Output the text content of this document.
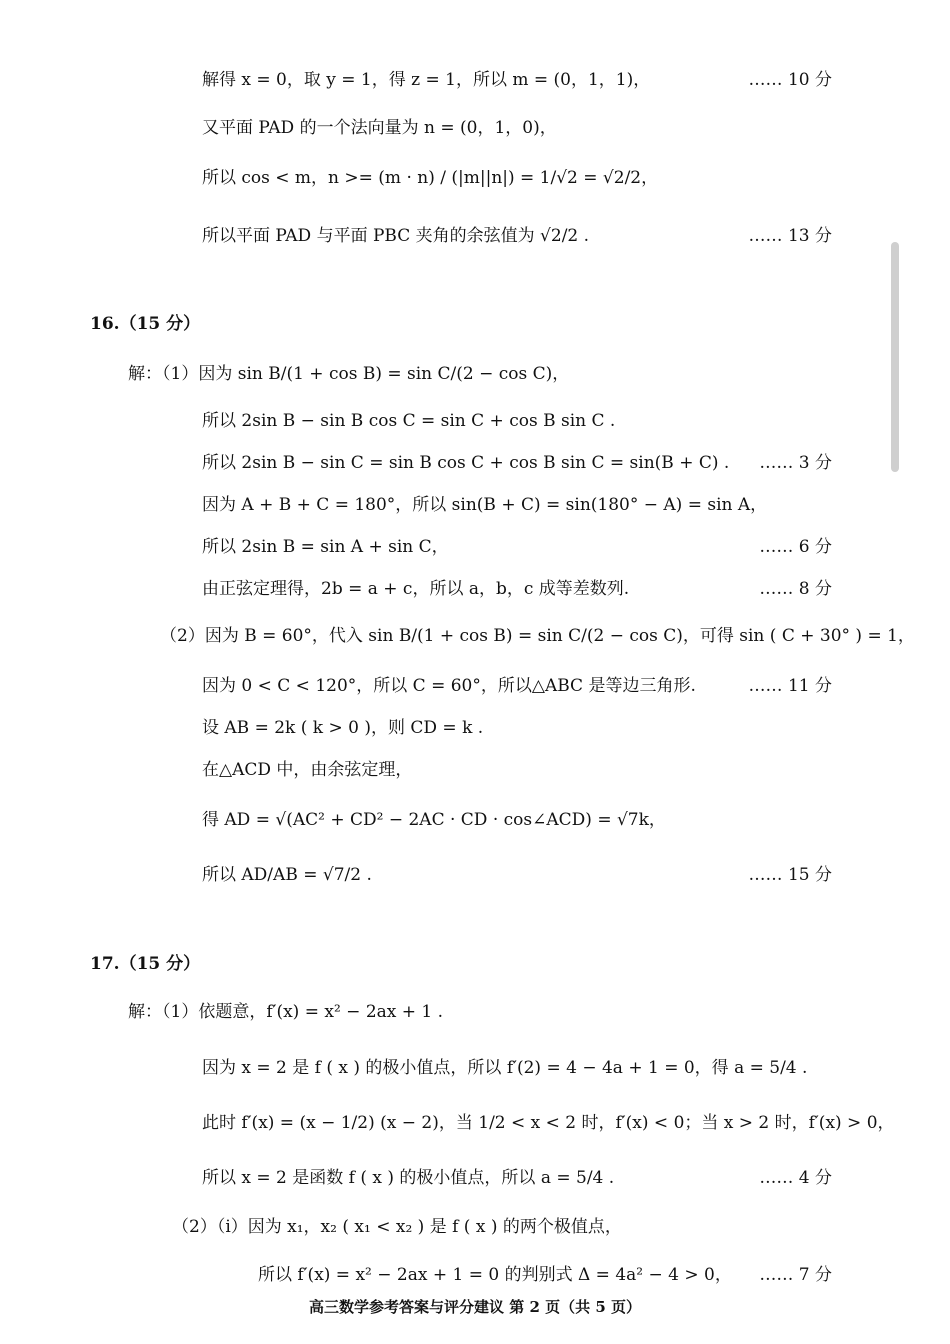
解得 x = 0，取 y = 1，得 z = 1，所以 m = (0，1，1)，	…… 10 分
又平面 PAD 的一个法向量为 n = (0，1，0)，
所以 cos < m，n >= (m · n) / (|m||n|) = 1/√2 = √2/2，
所以平面 PAD 与平面 PBC 夹角的余弦值为 √2/2 .	…… 13 分
16.（15 分）
解：（1）因为 sin B/(1 + cos B) = sin C/(2 − cos C)，
所以 2sin B − sin B cos C = sin C + cos B sin C .
所以 2sin B − sin C = sin B cos C + cos B sin C = sin(B + C) . …… 3 分
因为 A + B + C = 180°，所以 sin(B + C) = sin(180° − A) = sin A，
所以 2sin B = sin A + sin C，	…… 6 分
由正弦定理得，2b = a + c，所以 a，b，c 成等差数列.	…… 8 分
（2）因为 B = 60°，代入 sin B/(1 + cos B) = sin C/(2 − cos C)，可得 sin ( C + 30° ) = 1，
因为 0 < C < 120°，所以 C = 60°，所以△ABC 是等边三角形.	…… 11 分
设 AB = 2k ( k > 0 )，则 CD = k .
在△ACD 中，由余弦定理，
得 AD = √(AC² + CD² − 2AC · CD · cos∠ACD) = √7k，
所以 AD/AB = √7/2 .	…… 15 分
17.（15 分）
解：（1）依题意，f′(x) = x² − 2ax + 1 .
因为 x = 2 是 f ( x ) 的极小值点，所以 f′(2) = 4 − 4a + 1 = 0，得 a = 5/4 .
此时 f′(x) = (x − 1/2) (x − 2)，当 1/2 < x < 2 时，f′(x) < 0；当 x > 2 时，f′(x) > 0，
所以 x = 2 是函数 f ( x ) 的极小值点，所以 a = 5/4 .	…… 4 分
（2）（ⅰ）因为 x₁，x₂ ( x₁ < x₂ ) 是 f ( x ) 的两个极值点，
所以 f′(x) = x² − 2ax + 1 = 0 的判别式 Δ = 4a² − 4 > 0， …… 7 分
高三数学参考答案与评分建议 第 2 页（共 5 页）
